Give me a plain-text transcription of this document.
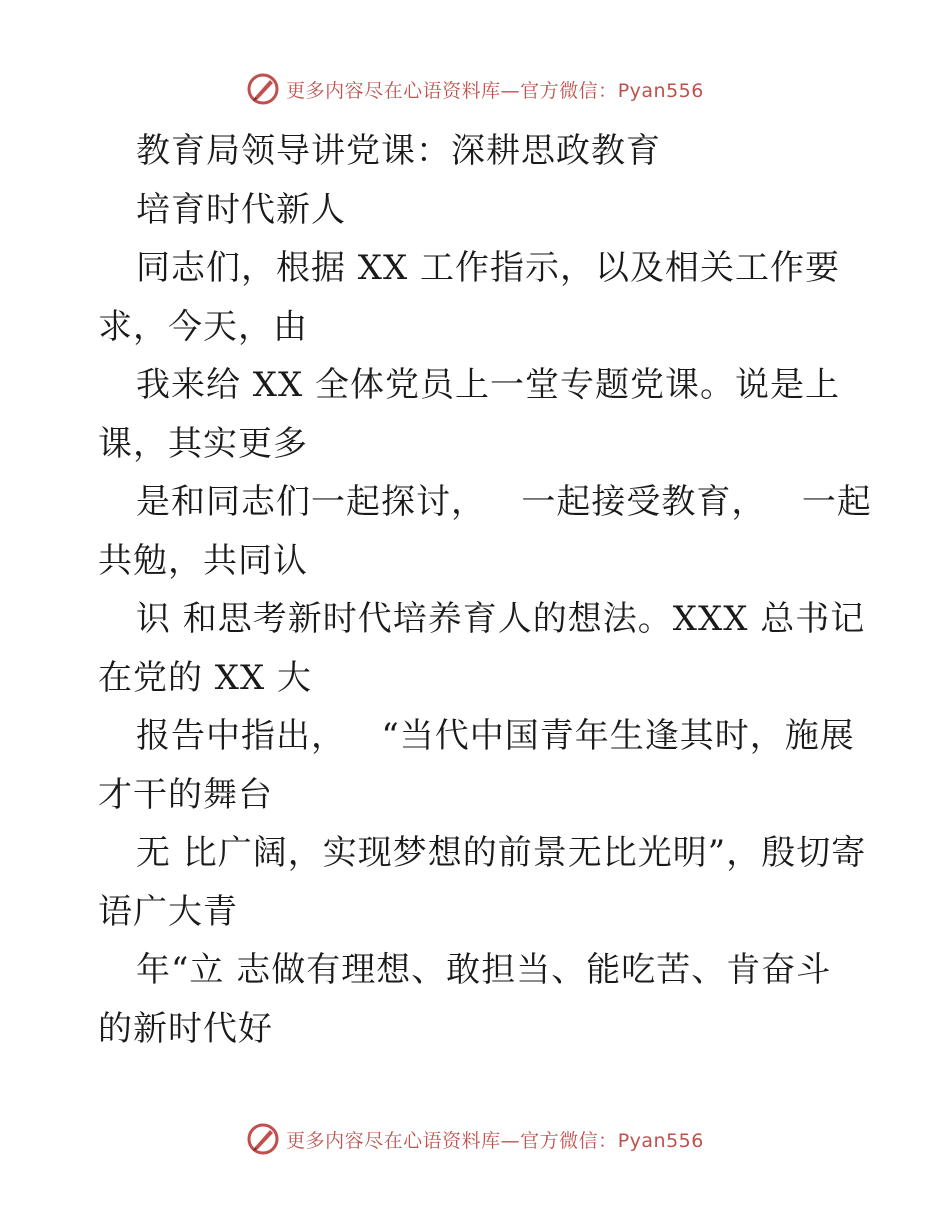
更多内容尽在心语资料库—官方微信：Pyan556
教育局领导讲党课：深耕思政教育
培育时代新人
同志们，根据 XX 工作指示，以及相关工作要
求，今天，由
我来给 XX 全体党员上一堂专题党课。说是上
课，其实更多
是和同志们一起探讨，   一起接受教育，   一起
共勉，共同认
识 和思考新时代培养育人的想法。XXX 总书记
在党的 XX 大
报告中指出，   “当代中国青年生逢其时，施展
才干的舞台
无 比广阔，实现梦想的前景无比光明”，殷切寄
语广大青
年“立 志做有理想、敢担当、能吃苦、肯奋斗
的新时代好
更多内容尽在心语资料库—官方微信：Pyan556
